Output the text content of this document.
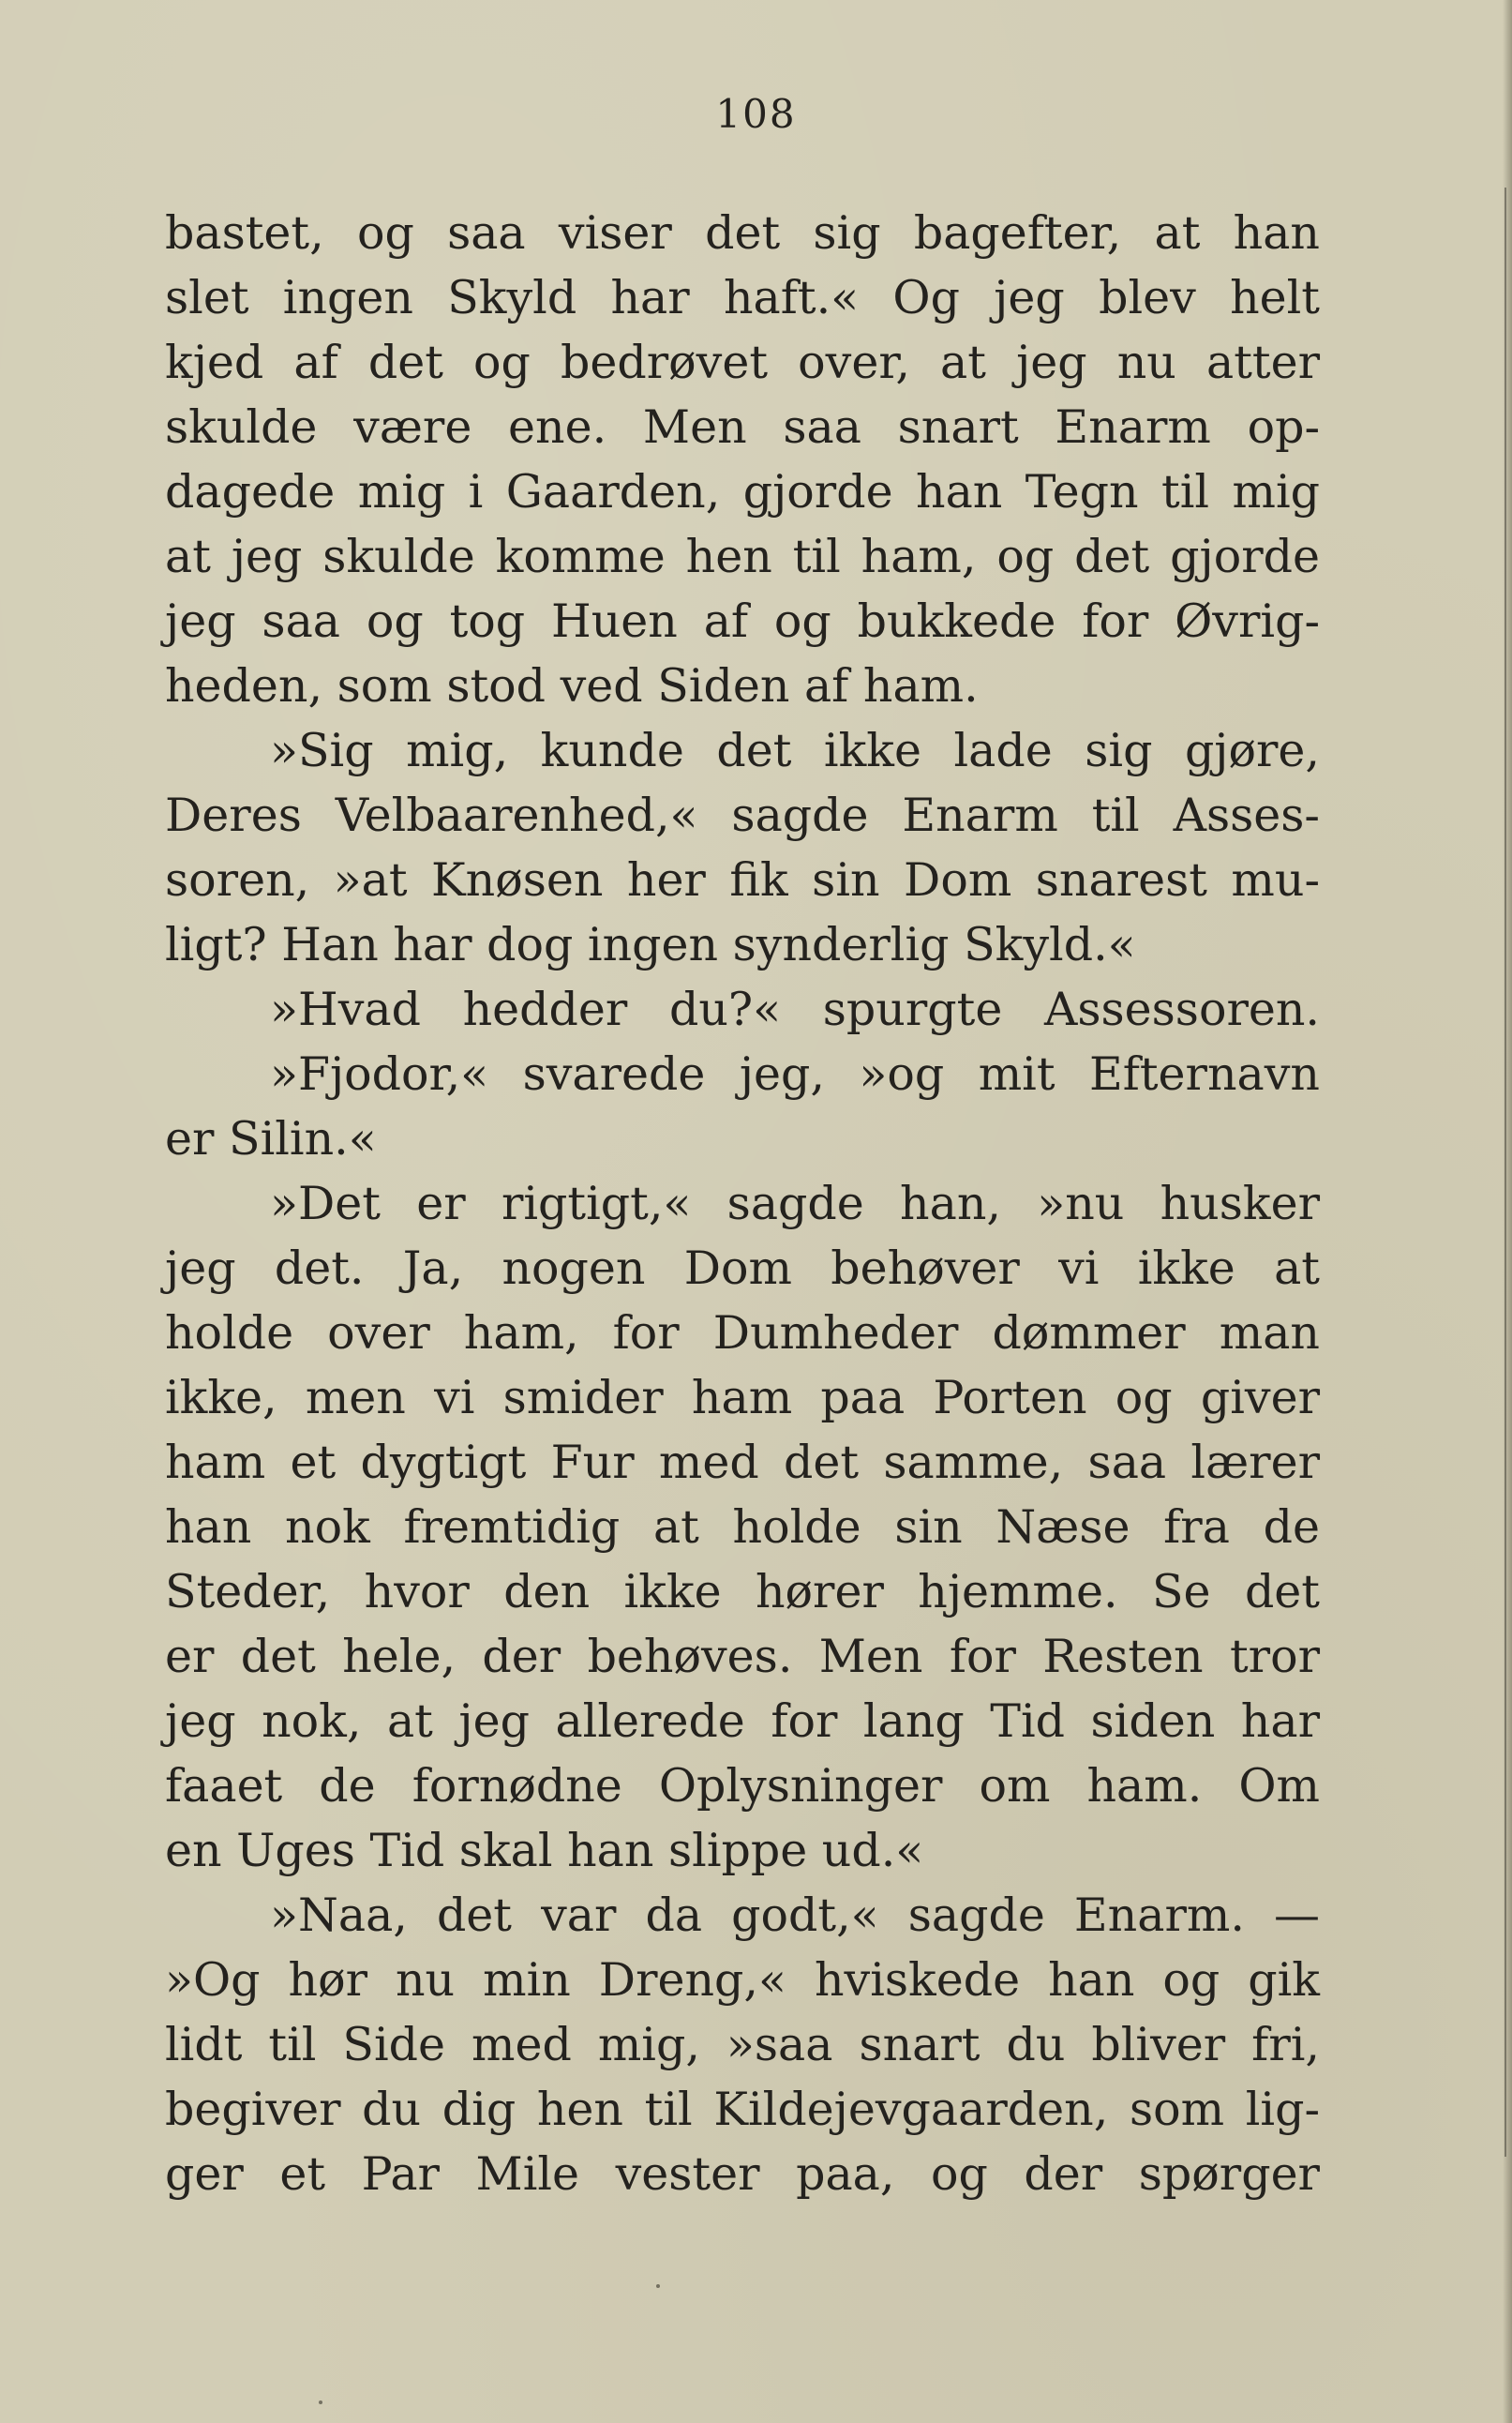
108
bastet, og saa viser det sig bagefter, at han
slet ingen Skyld har haft.« Og jeg blev helt
kjed af det og bedrøvet over, at jeg nu atter
skulde være ene. Men saa snart Enarm op-
dagede mig i Gaarden, gjorde han Tegn til mig
at jeg skulde komme hen til ham, og det gjorde
jeg saa og tog Huen af og bukkede for Øvrig-
heden, som stod ved Siden af ham.
»Sig mig, kunde det ikke lade sig gjøre,
Deres Velbaarenhed,« sagde Enarm til Asses-
soren, »at Knøsen her fik sin Dom snarest mu-
ligt? Han har dog ingen synderlig Skyld.«
»Hvad hedder du?« spurgte Assessoren.
»Fjodor,« svarede jeg, »og mit Efternavn
er Silin.«
»Det er rigtigt,« sagde han, »nu husker
jeg det. Ja, nogen Dom behøver vi ikke at
holde over ham, for Dumheder dømmer man
ikke, men vi smider ham paa Porten og giver
ham et dygtigt Fur med det samme, saa lærer
han nok fremtidig at holde sin Næse fra de
Steder, hvor den ikke hører hjemme. Se det
er det hele, der behøves. Men for Resten tror
jeg nok, at jeg allerede for lang Tid siden har
faaet de fornødne Oplysninger om ham. Om
en Uges Tid skal han slippe ud.«
»Naa, det var da godt,« sagde Enarm. —
»Og hør nu min Dreng,« hviskede han og gik
lidt til Side med mig, »saa snart du bliver fri,
begiver du dig hen til Kildejevgaarden, som lig-
ger et Par Mile vester paa, og der spørger
